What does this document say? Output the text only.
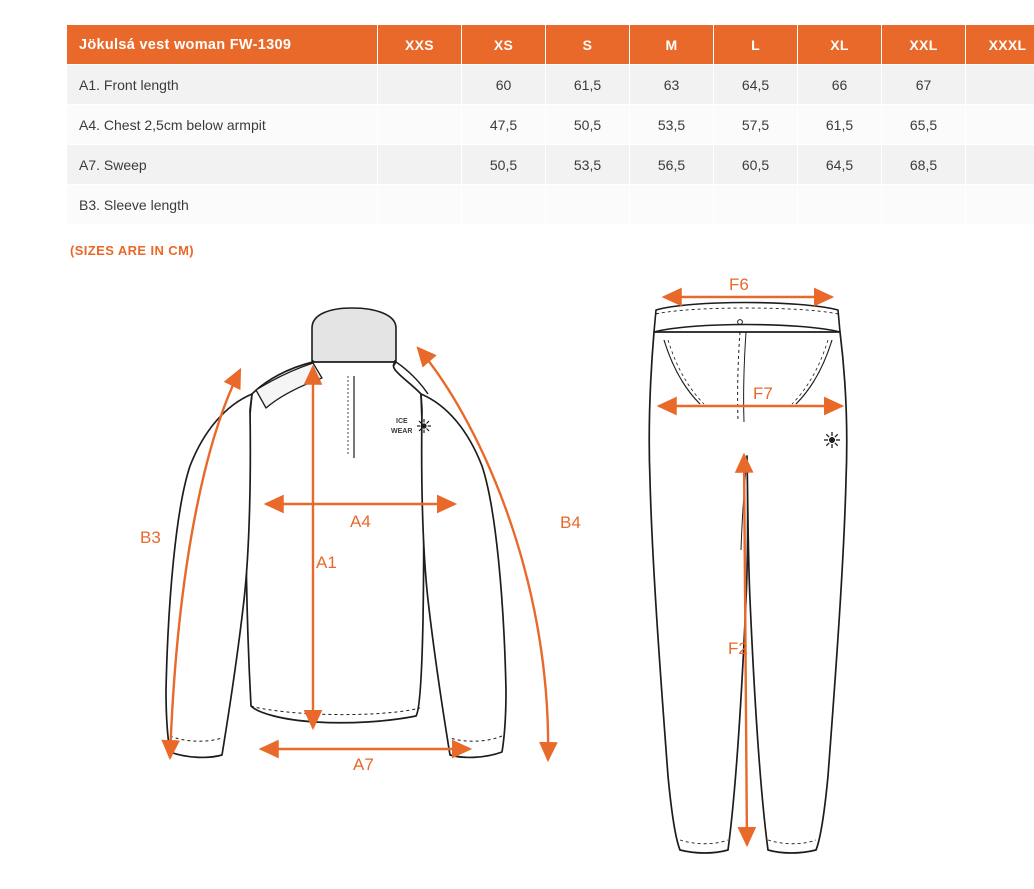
Jökulsá vest woman FW-1309	XXS	XS	S	M	L	XL	XXL	XXXL
A1. Front length		60	61,5	63	64,5	66	67	
A4. Chest 2,5cm below armpit		47,5	50,5	53,5	57,5	61,5	65,5	
A7. Sweep		50,5	53,5	56,5	60,5	64,5	68,5	
B3. Sleeve length								
(SIZES ARE IN CM)
ICE
WEAR
B3
B4
A4
A1
A7
F6
F7
F2
